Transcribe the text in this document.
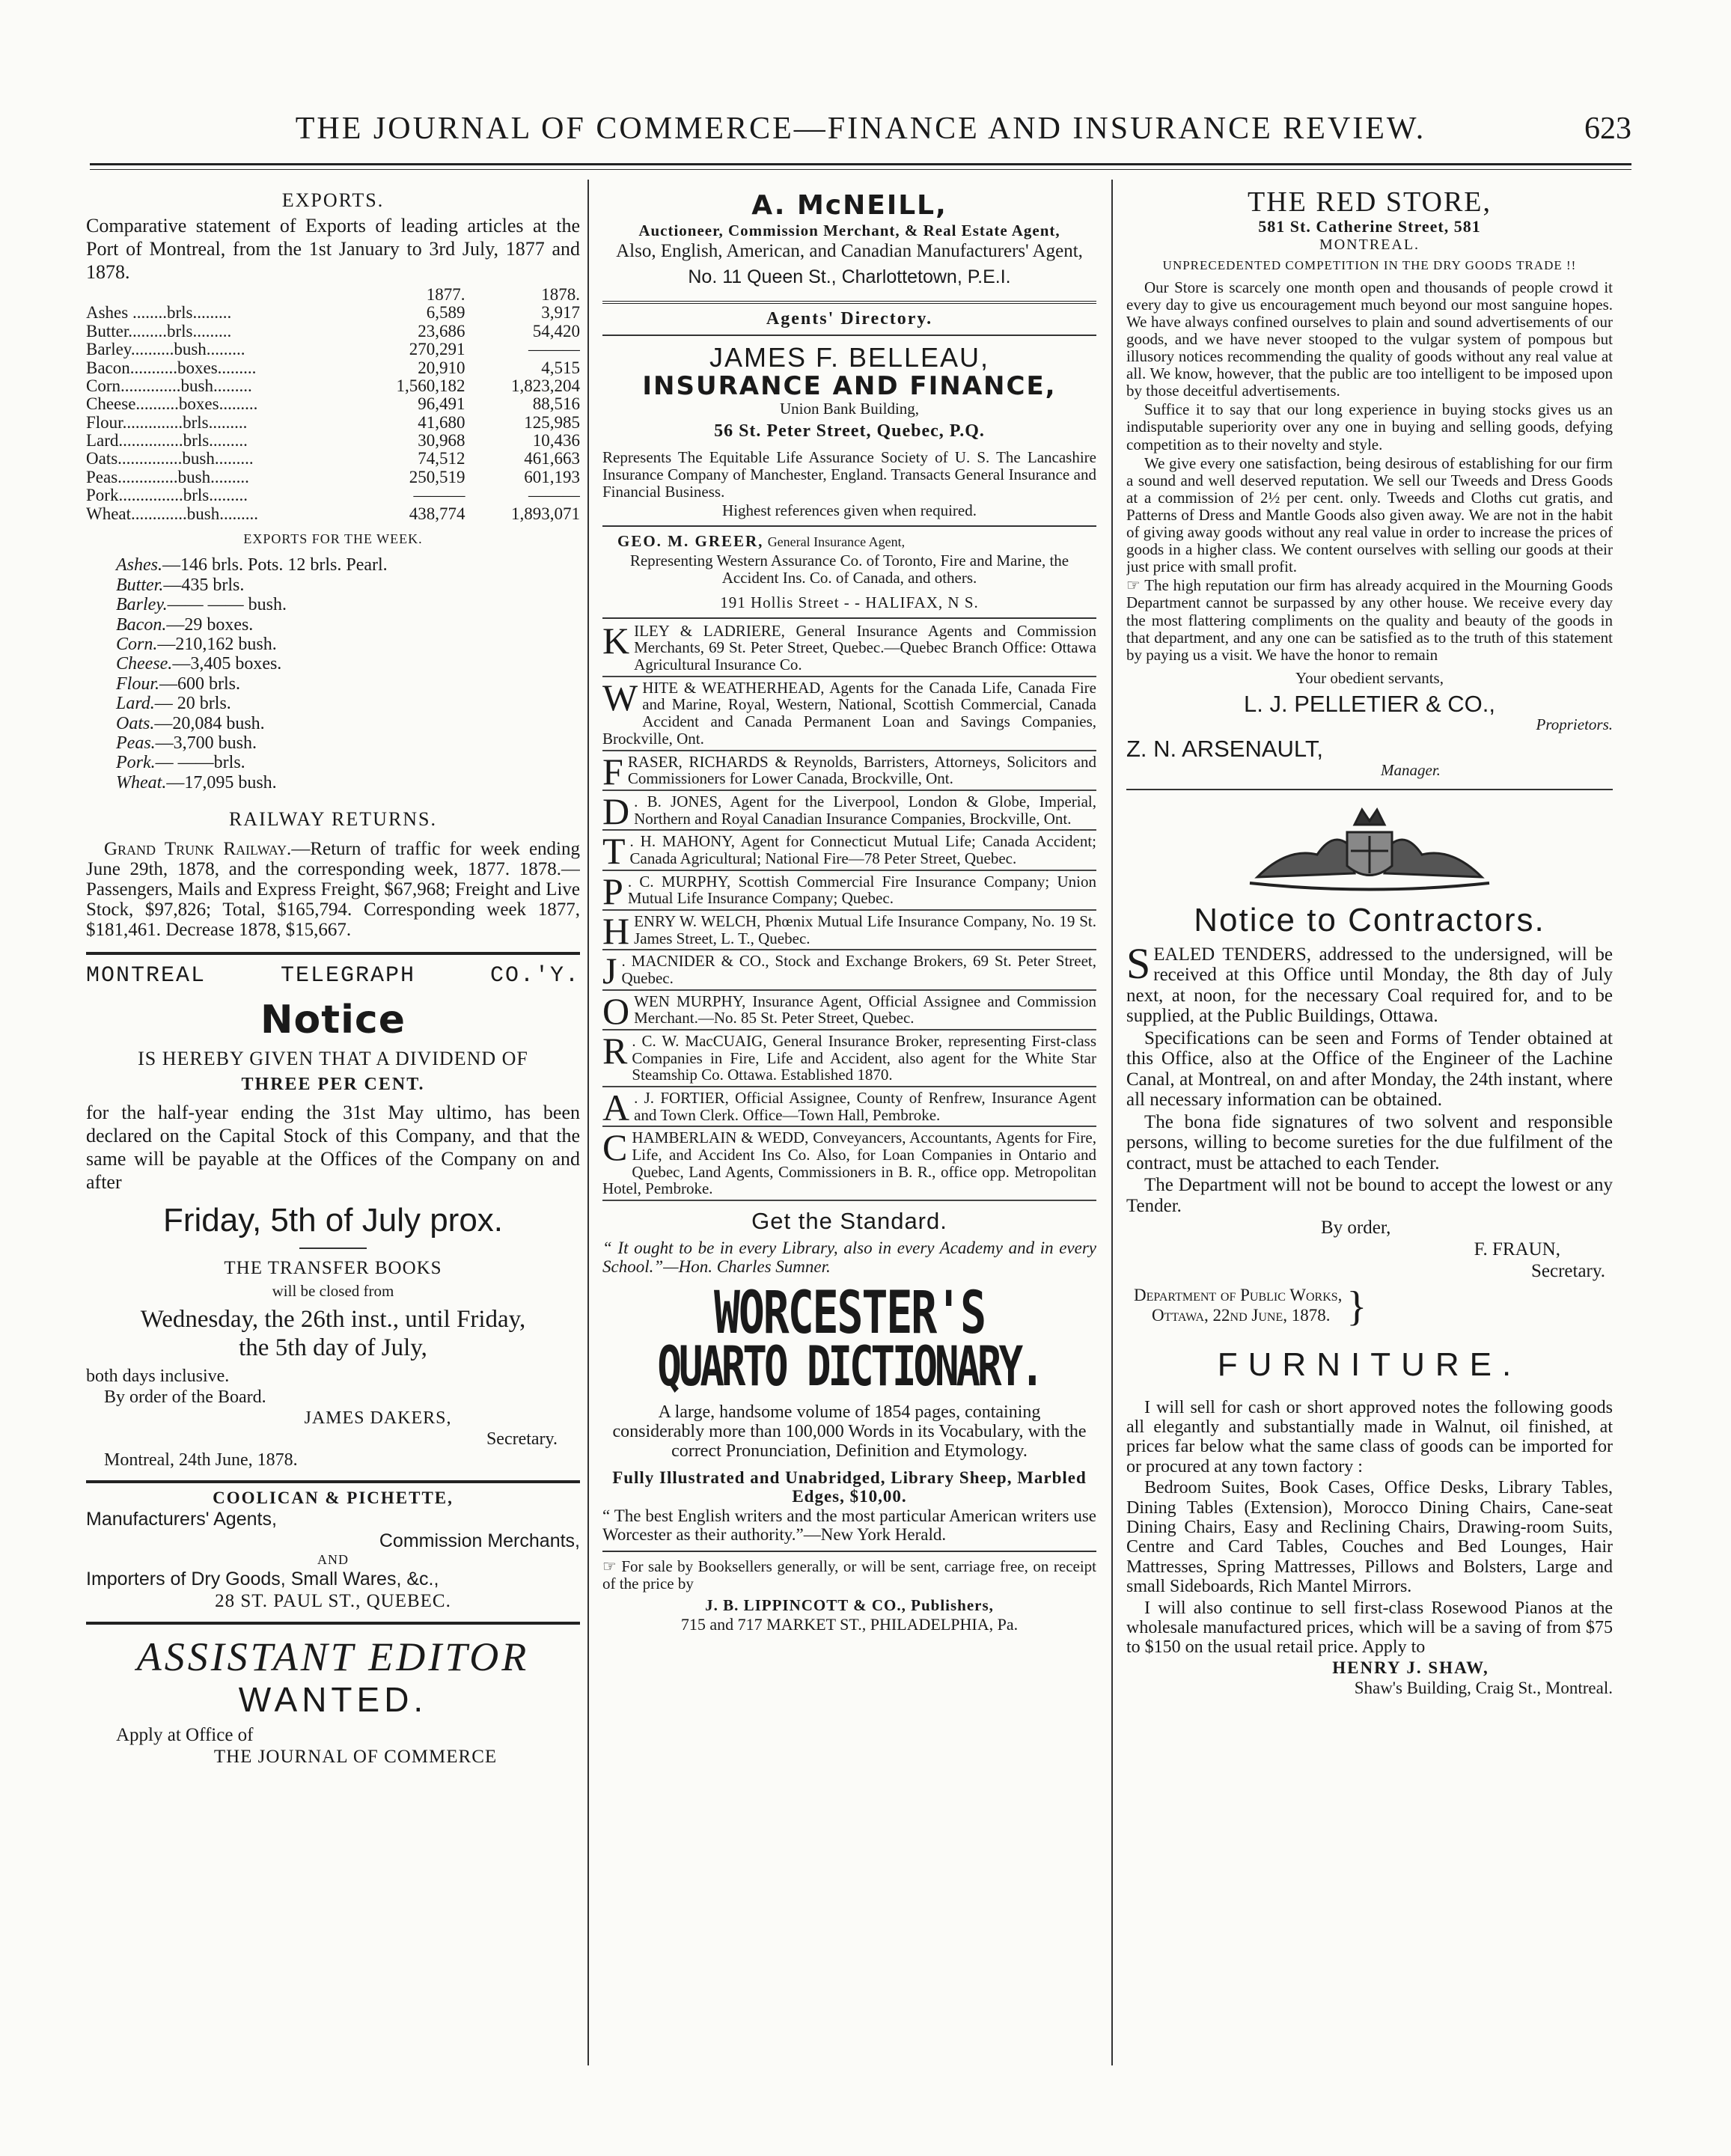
THE JOURNAL OF COMMERCE—FINANCE AND INSURANCE REVIEW.	623
EXPORTS.

Comparative statement of Exports of leading articles at the Port of Montreal, from the 1st January to 3rd July, 1877 and 1878.

	1877.	1878.
Ashes ........brls.........	6,589	3,917
Butter.........brls.........	23,686	54,420
Barley..........bush.........	270,291	———
Bacon...........boxes.........	20,910	4,515
Corn..............bush.........	1,560,182	1,823,204
Cheese..........boxes.........	96,491	88,516
Flour..............brls.........	41,680	125,985
Lard...............brls.........	30,968	10,436
Oats...............bush.........	74,512	461,663
Peas..............bush.........	250,519	601,193
Pork...............brls.........	———	———
Wheat.............bush.........	438,774	1,893,071
EXPORTS FOR THE WEEK.
Ashes.—146 brls. Pots. 12 brls. Pearl.
Butter.—435 brls.
Barley.—— —— bush.
Bacon.—29 boxes.
Corn.—210,162 bush.
Cheese.—3,405 boxes.
Flour.—600 brls.
Lard.— 20 brls.
Oats.—20,084 bush.
Peas.—3,700 bush.
Pork.— ——brls.
Wheat.—17,095 bush.
RAILWAY RETURNS.

Grand Trunk Railway.—Return of traffic for week ending June 29th, 1878, and the corresponding week, 1877. 1878.—Passengers, Mails and Express Freight, $67,968; Freight and Live Stock, $97,826; Total, $165,794. Corresponding week 1877, $181,461. Decrease 1878, $15,667.

MONTREAL	TELEGRAPH	CO.'Y.
Notice
IS HEREBY GIVEN THAT A DIVIDEND OF
THREE PER CENT.

for the half-year ending the 31st May ultimo, has been declared on the Capital Stock of this Company, and that the same will be payable at the Offices of the Company on and after

Friday, 5th of July prox.
THE TRANSFER BOOKS
will be closed from
Wednesday, the 26th inst., until Friday,
the 5th day of July,

both days inclusive.

By order of the Board.

JAMES DAKERS,

Secretary.

Montreal, 24th June, 1878.

COOLICAN & PICHETTE,

Manufacturers' Agents,

Commission Merchants,

AND

Importers of Dry Goods, Small Wares, &c.,

28 ST. PAUL ST., QUEBEC.

ASSISTANT EDITOR
WANTED.

Apply at Office of

THE JOURNAL OF COMMERCE

A. McNEILL,

Auctioneer, Commission Merchant, & Real Estate Agent,

Also, English, American, and Canadian Manufacturers' Agent,

No. 11 Queen St., Charlottetown, P.E.I.

Agents' Directory.
JAMES F. BELLEAU,
INSURANCE AND FINANCE,

Union Bank Building,

56 St. Peter Street, Quebec, P.Q.

Represents The Equitable Life Assurance Society of U. S. The Lancashire Insurance Company of Manchester, England. Transacts General Insurance and Financial Business.

Highest references given when required.

GEO. M. GREER, General Insurance Agent,

Representing Western Assurance Co. of Toronto, Fire and Marine, the Accident Ins. Co. of Canada, and others.

191 Hollis Street - - HALIFAX, N S.

KILEY & LADRIERE, General Insurance Agents and Commission Merchants, 69 St. Peter Street, Quebec.—Quebec Branch Office: Ottawa Agricultural Insurance Co.
WHITE & WEATHERHEAD, Agents for the Canada Life, Canada Fire and Marine, Royal, Western, National, Scottish Commercial, Canada Accident and Canada Permanent Loan and Savings Companies, Brockville, Ont.
FRASER, RICHARDS & Reynolds, Barristers, Attorneys, Solicitors and Commissioners for Lower Canada, Brockville, Ont.
D . B. JONES, Agent for the Liverpool, London & Globe, Imperial, Northern and Royal Canadian Insurance Companies, Brockville, Ont.
T . H. MAHONY, Agent for Connecticut Mutual Life; Canada Accident; Canada Agricultural; National Fire—78 Peter Street, Quebec.
P . C. MURPHY, Scottish Commercial Fire Insurance Company; Union Mutual Life Insurance Company; Quebec.
HENRY W. WELCH, Phœnix Mutual Life Insurance Company, No. 19 St. James Street, L. T., Quebec.
J . MACNIDER & CO., Stock and Exchange Brokers, 69 St. Peter Street, Quebec.
OWEN MURPHY, Insurance Agent, Official Assignee and Commission Merchant.—No. 85 St. Peter Street, Quebec.
R . C. W. MacCUAIG, General Insurance Broker, representing First-class Companies in Fire, Life and Accident, also agent for the White Star Steamship Co. Ottawa. Established 1870.
A . J. FORTIER, Official Assignee, County of Renfrew, Insurance Agent and Town Clerk. Office—Town Hall, Pembroke.
CHAMBERLAIN & WEDD, Conveyancers, Accountants, Agents for Fire, Life, and Accident Ins Co. Also, for Loan Companies in Ontario and Quebec, Land Agents, Commissioners in B. R., office opp. Metropolitan Hotel, Pembroke.
Get the Standard.

“ It ought to be in every Library, also in every Academy and in every School.”—Hon. Charles Sumner.

WORCESTER'S
QUARTO DICTIONARY.

A large, handsome volume of 1854 pages, containing considerably more than 100,000 Words in its Vocabulary, with the correct Pronunciation, Definition and Etymology.

Fully Illustrated and Unabridged, Library Sheep, Marbled Edges, $10,00.

“ The best English writers and the most particular American writers use Worcester as their authority.”—New York Herald.

☞ For sale by Booksellers generally, or will be sent, carriage free, on receipt of the price by

J. B. LIPPINCOTT & CO., Publishers,

715 and 717 MARKET ST., PHILADELPHIA, Pa.

THE RED STORE,

581 St. Catherine Street, 581

MONTREAL.

UNPRECEDENTED COMPETITION IN THE DRY GOODS TRADE !!

Our Store is scarcely one month open and thousands of people crowd it every day to give us encouragement much beyond our most sanguine hopes. We have always confined ourselves to plain and sound advertisements of our goods, and we have never stooped to the vulgar system of pompous but illusory notices recommending the quality of goods without any real value at all. We know, however, that the public are too intelligent to be imposed upon by those deceitful advertisements.

Suffice it to say that our long experience in buying stocks gives us an indisputable superiority over any one in buying and selling goods, defying competition as to their novelty and style.

We give every one satisfaction, being desirous of establishing for our firm a sound and well deserved reputation. We sell our Tweeds and Dress Goods at a commission of 2½ per cent. only. Tweeds and Cloths cut gratis, and Patterns of Dress and Mantle Goods also given away. We are not in the habit of giving away goods without any real value in order to increase the prices of goods in a higher class. We content ourselves with selling our goods at their just price with small profit.

☞ The high reputation our firm has already acquired in the Mourning Goods Department cannot be surpassed by any other house. We receive every day the most flattering compliments on the quality and beauty of the goods in that department, and any one can be satisfied as to the truth of this statement by paying us a visit. We have the honor to remain

Your obedient servants,

L. J. PELLETIER & CO.,

Proprietors.

Z. N. ARSENAULT,

Manager.

Notice to Contractors.

SEALED TENDERS, addressed to the undersigned, will be received at this Office until Monday, the 8th day of July next, at noon, for the necessary Coal required for, and to be supplied, at the Public Buildings, Ottawa.

Specifications can be seen and Forms of Tender obtained at this Office, also at the Office of the Engineer of the Lachine Canal, at Montreal, on and after Monday, the 24th instant, where all necessary information can be obtained.

The bona fide signatures of two solvent and responsible persons, willing to become sureties for the due fulfilment of the contract, must be attached to each Tender.

The Department will not be bound to accept the lowest or any Tender.

By order,

F. FRAUN,

Secretary.

Department of Public Works,

Ottawa, 22nd June, 1878. }
FURNITURE.

I will sell for cash or short approved notes the following goods all elegantly and substantially made in Walnut, oil finished, at prices far below what the same class of goods can be imported for or procured at any town factory :

Bedroom Suites, Book Cases, Office Desks, Library Tables, Dining Tables (Extension), Morocco Dining Chairs, Cane-seat Dining Chairs, Easy and Reclining Chairs, Drawing-room Suits, Centre and Card Tables, Couches and Bed Lounges, Hair Mattresses, Spring Mattresses, Pillows and Bolsters, Large and small Sideboards, Rich Mantel Mirrors.

I will also continue to sell first-class Rosewood Pianos at the wholesale manufactured prices, which will be a saving of from $75 to $150 on the usual retail price. Apply to

HENRY J. SHAW,

Shaw's Building, Craig St., Montreal.
